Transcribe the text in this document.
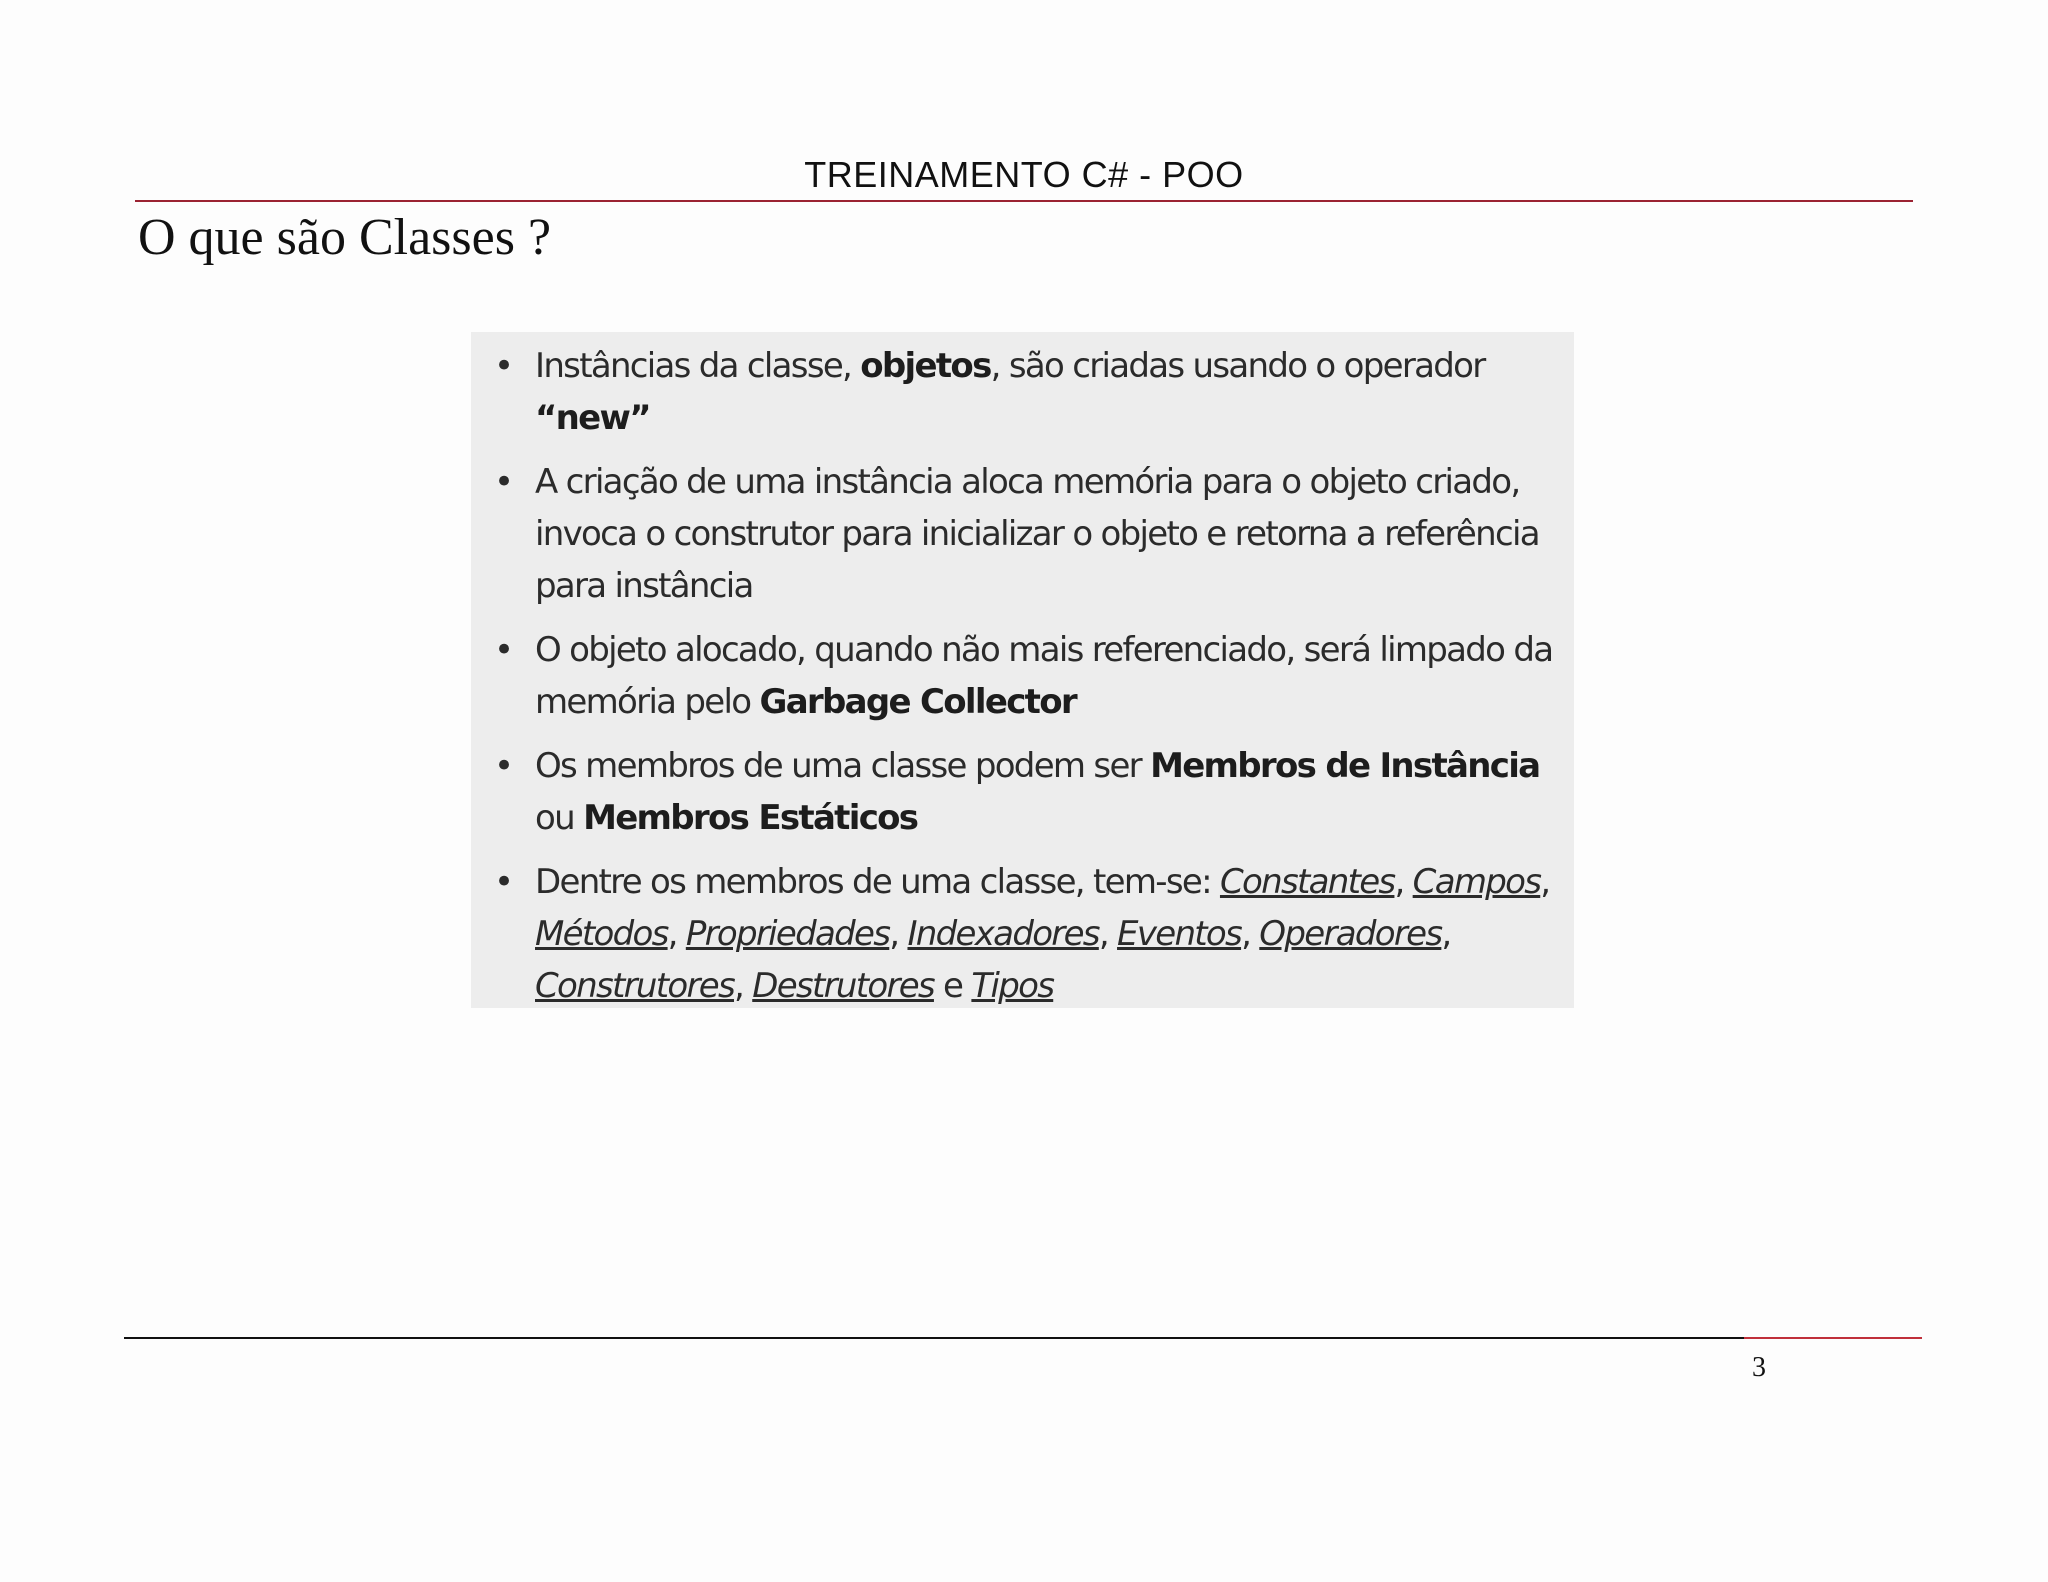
TREINAMENTO C# - POO
O que são Classes ?
• Instâncias da classe, objetos, são criadas usando o operador “new”
• A criação de uma instância aloca memória para o objeto criado, invoca o construtor para inicializar o objeto e retorna a referência para instância
• O objeto alocado, quando não mais referenciado, será limpado da memória pelo Garbage Collector
• Os membros de uma classe podem ser Membros de Instância ou Membros Estáticos
• Dentre os membros de uma classe, tem-se: Constantes, Campos, Métodos, Propriedades, Indexadores, Eventos, Operadores, Construtores, Destrutores e Tipos
3
